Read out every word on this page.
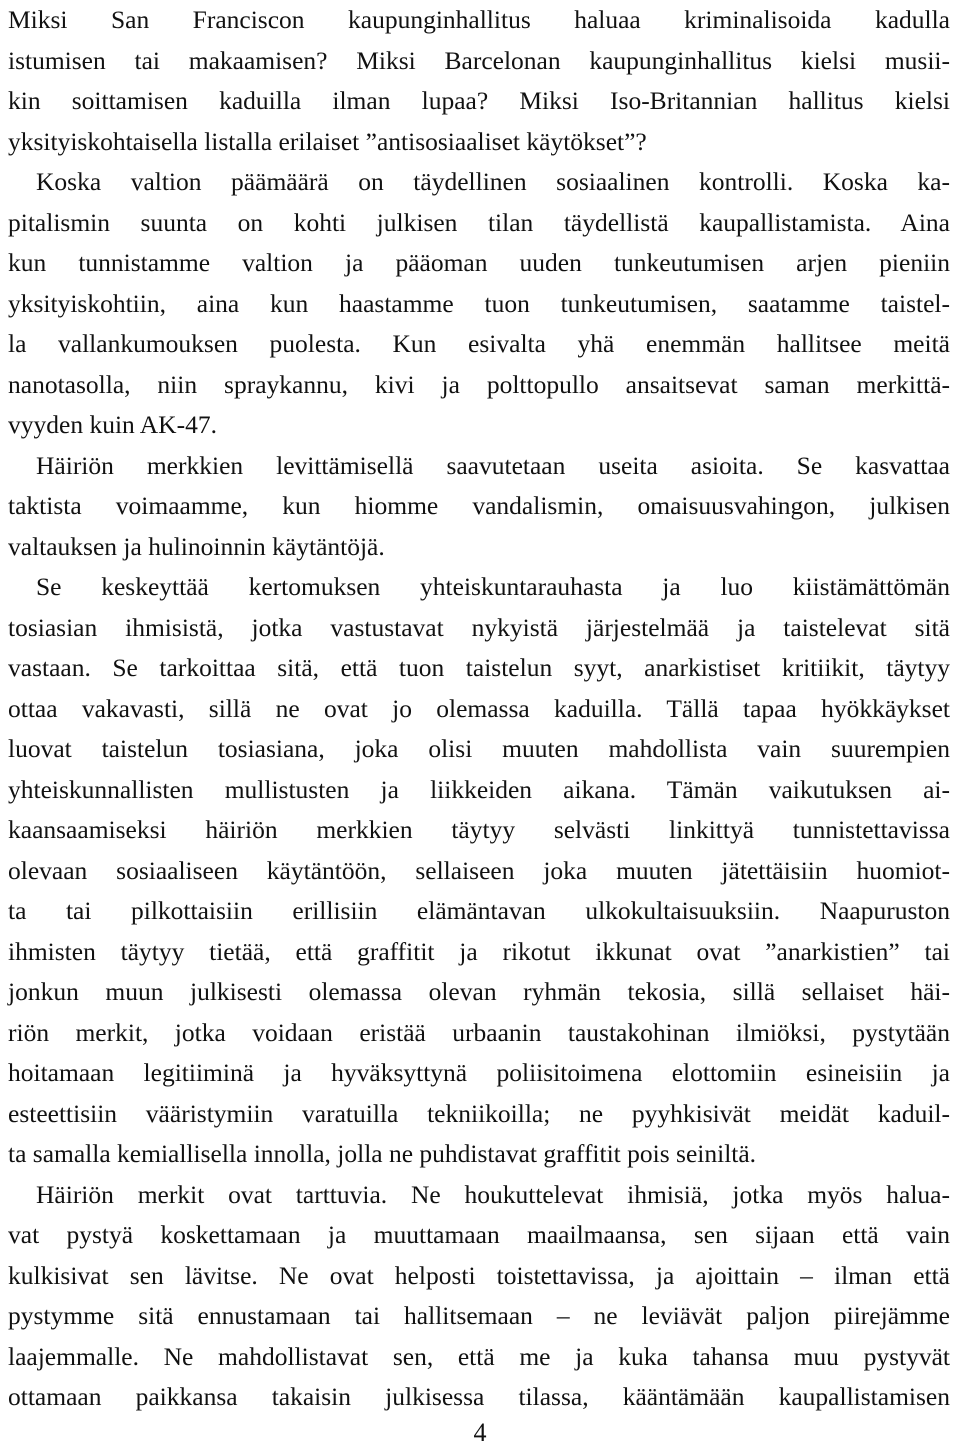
Miksi San Franciscon kaupunginhallitus haluaa kriminalisoida kadulla
istumisen tai makaamisen? Miksi Barcelonan kaupunginhallitus kielsi musii-
kin soittamisen kaduilla ilman lupaa? Miksi Iso-Britannian hallitus kielsi
yksityiskohtaisella listalla erilaiset ”antisosiaaliset käytökset”?
Koska valtion päämäärä on täydellinen sosiaalinen kontrolli. Koska ka-
pitalismin suunta on kohti julkisen tilan täydellistä kaupallistamista. Aina
kun tunnistamme valtion ja pääoman uuden tunkeutumisen arjen pieniin
yksityiskohtiin, aina kun haastamme tuon tunkeutumisen, saatamme taistel-
la vallankumouksen puolesta. Kun esivalta yhä enemmän hallitsee meitä
nanotasolla, niin spraykannu, kivi ja polttopullo ansaitsevat saman merkittä-
vyyden kuin AK-47.
Häiriön merkkien levittämisellä saavutetaan useita asioita. Se kasvattaa
taktista voimaamme, kun hiomme vandalismin, omaisuusvahingon, julkisen
valtauksen ja hulinoinnin käytäntöjä.
Se keskeyttää kertomuksen yhteiskuntarauhasta ja luo kiistämättömän
tosiasian ihmisistä, jotka vastustavat nykyistä järjestelmää ja taistelevat sitä
vastaan. Se tarkoittaa sitä, että tuon taistelun syyt, anarkistiset kritiikit, täytyy
ottaa vakavasti, sillä ne ovat jo olemassa kaduilla. Tällä tapaa hyökkäykset
luovat taistelun tosiasiana, joka olisi muuten mahdollista vain suurempien
yhteiskunnallisten mullistusten ja liikkeiden aikana. Tämän vaikutuksen ai-
kaansaamiseksi häiriön merkkien täytyy selvästi linkittyä tunnistettavissa
olevaan sosiaaliseen käytäntöön, sellaiseen joka muuten jätettäisiin huomiot-
ta tai pilkottaisiin erillisiin elämäntavan ulkokultaisuuksiin. Naapuruston
ihmisten täytyy tietää, että graffitit ja rikotut ikkunat ovat ”anarkistien” tai
jonkun muun julkisesti olemassa olevan ryhmän tekosia, sillä sellaiset häi-
riön merkit, jotka voidaan eristää urbaanin taustakohinan ilmiöksi, pystytään
hoitamaan legitiiminä ja hyväksyttynä poliisitoimena elottomiin esineisiin ja
esteettisiin vääristymiin varatuilla tekniikoilla; ne pyyhkisivät meidät kaduil-
ta samalla kemiallisella innolla, jolla ne puhdistavat graffitit pois seiniltä.
Häiriön merkit ovat tarttuvia. Ne houkuttelevat ihmisiä, jotka myös halua-
vat pystyä koskettamaan ja muuttamaan maailmaansa, sen sijaan että vain
kulkisivat sen lävitse. Ne ovat helposti toistettavissa, ja ajoittain – ilman että
pystymme sitä ennustamaan tai hallitsemaan – ne leviävät paljon piirejämme
laajemmalle. Ne mahdollistavat sen, että me ja kuka tahansa muu pystyvät
ottamaan paikkansa takaisin julkisessa tilassa, kääntämään kaupallistamisen
4
